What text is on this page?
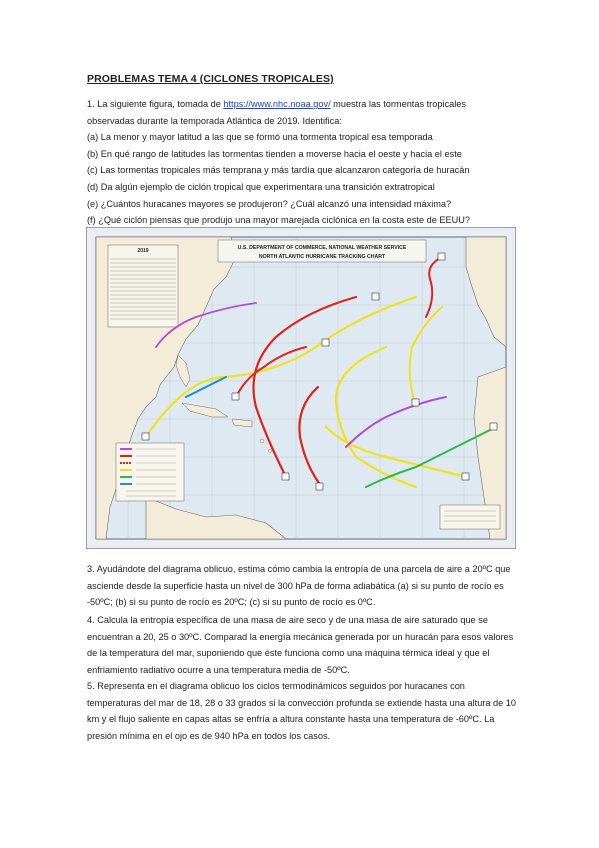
PROBLEMAS TEMA 4 (CICLONES TROPICALES)

1. La siguiente figura, tomada de https://www.nhc.noaa.gov/ muestra las tormentas tropicales

observadas durante la temporada Atlántica de 2019. Identifica:

(a) La menor y mayor latitud a las que se formó una tormenta tropical esa temporada

(b) En qué rango de latitudes las tormentas tienden a moverse hacia el oeste y hacia el este

(c) Las tormentas tropicales más temprana y más tardía que alcanzaron categoría de huracán

(d) Da algún ejemplo de ciclón tropical que experimentara una transición extratropical

(e) ¿Cuántos huracanes mayores se produjeron? ¿Cuál alcanzó una intensidad máxima?

(f) ¿Qué ciclón piensas que produjo una mayor marejada ciclónica en la costa este de EEUU?

U.S. DEPARTMENT OF COMMERCE, NATIONAL WEATHER SERVICE
NORTH ATLANTIC HURRICANE TRACKING CHART
2019

3. Ayudándote del diagrama oblicuo, estima cómo cambia la entropía de una parcela de aire a 20ºC que asciende desde la superficie hasta un nivel de 300 hPa de forma adiabática (a) si su punto de rocío es -50ºC; (b) si su punto de rocío es 20ºC; (c) si su punto de rocío es 0ºC.

4. Calcula la entropía específica de una masa de aire seco y de una masa de aire saturado que se encuentran a 20, 25 o 30ºC. Comparad la energía mecánica generada por un huracán para esos valores de la temperatura del mar, suponiendo que éste funciona como una máquina térmica ideal y que el enfriamiento radiativo ocurre a una temperatura media de -50ºC.

5. Representa en el diagrama oblicuo los ciclos termodinámicos seguidos por huracanes con temperaturas del mar de 18, 28 o 33 grados si la convección profunda se extiende hasta una altura de 10 km y el flujo saliente en capas altas se enfría a altura constante hasta una temperatura de -60ºC. La presión mínima en el ojo es de 940 hPa en todos los casos.
